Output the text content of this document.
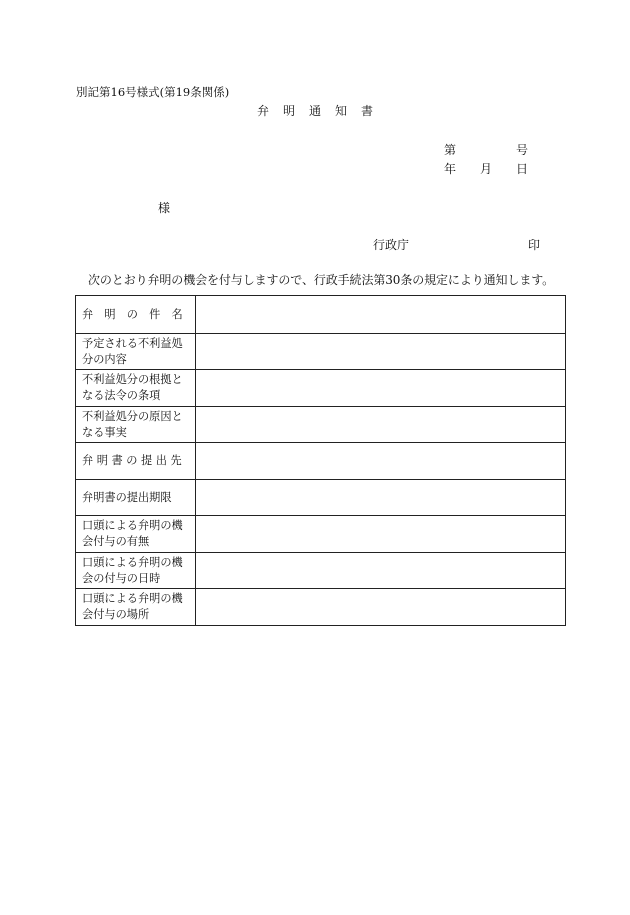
別記第16号様式(第19条関係)
弁 明 通 知 書
第	号
年 月 日
様
行政庁	印
次のとおり弁明の機会を付与しますので、行政手続法第30条の規定により通知します。
弁　明　の　件　名	
予定される不利益処分の内容	
不利益処分の根拠となる法令の条項	
不利益処分の原因となる事実	
弁 明 書 の 提 出 先	
弁明書の提出期限	
口頭による弁明の機会付与の有無	
口頭による弁明の機会の付与の日時	
口頭による弁明の機会付与の場所	
